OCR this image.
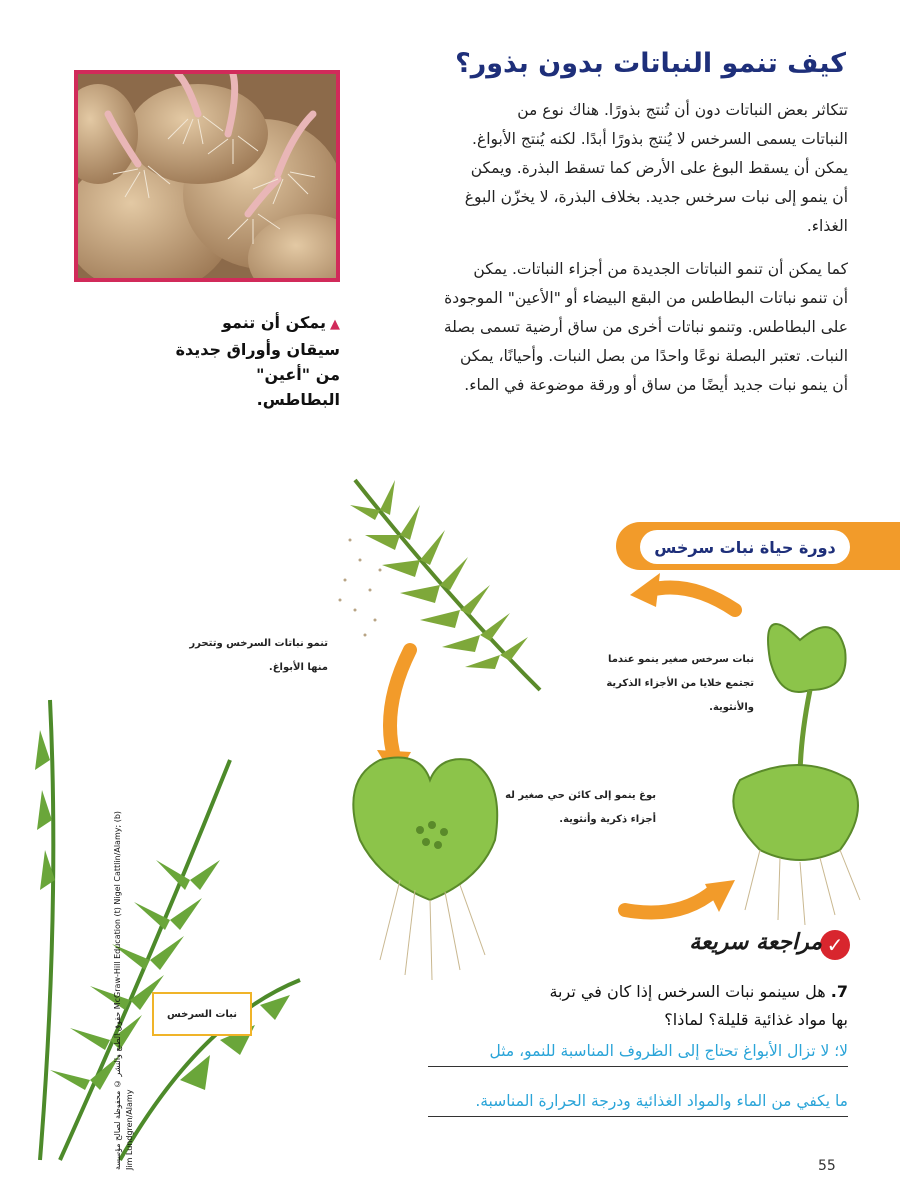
▲يمكن أن تنمو سيقان وأوراق جديدة من "أعين" البطاطس.
كيف تنمو النباتات بدون بذور؟

تتكاثر بعض النباتات دون أن تُنتج بذورًا. هناك نوع من

النباتات يسمى السرخس لا يُنتج بذورًا أبدًا. لكنه يُنتج الأبواغ.

يمكن أن يسقط البوغ على الأرض كما تسقط البذرة. ويمكن

أن ينمو إلى نبات سرخس جديد. بخلاف البذرة، لا يخزّن البوغ

الغذاء.

كما يمكن أن تنمو النباتات الجديدة من أجزاء النباتات. يمكن

أن تنمو نباتات البطاطس من البقع البيضاء أو "الأعين" الموجودة

على البطاطس. وتنمو نباتات أخرى من ساق أرضية تسمى بصلة

النبات. تعتبر البصلة نوعًا واحدًا من بصل النبات. وأحيانًا، يمكن

أن ينمو نبات جديد أيضًا من ساق أو ورقة موضوعة في الماء.

دورة حياة نبات سرخس
نبات سرخس صغير ينمو عندما تجتمع خلايا من الأجزاء الذكرية والأنثوية.
تنمو نباتات السرخس وتتحرر منها الأبواغ.
بوغ ينمو إلى كائن حي صغير له أجزاء ذكرية وأنثوية.
نبات السرخس
حقوق الطبع والنشر © محفوظة لصالح مؤسسة McGraw-Hill Education (t) Nigel Cattlin/Alamy; (b) Jim Lundgren/Alamy
✓
مراجعة سريعة
7. هل سينمو نبات السرخس إذا كان في تربة بها مواد غذائية قليلة؟ لماذا؟
لا؛ لا تزال الأبواغ تحتاج إلى الظروف المناسبة للنمو، مثل
ما يكفي من الماء والمواد الغذائية ودرجة الحرارة المناسبة.
55
